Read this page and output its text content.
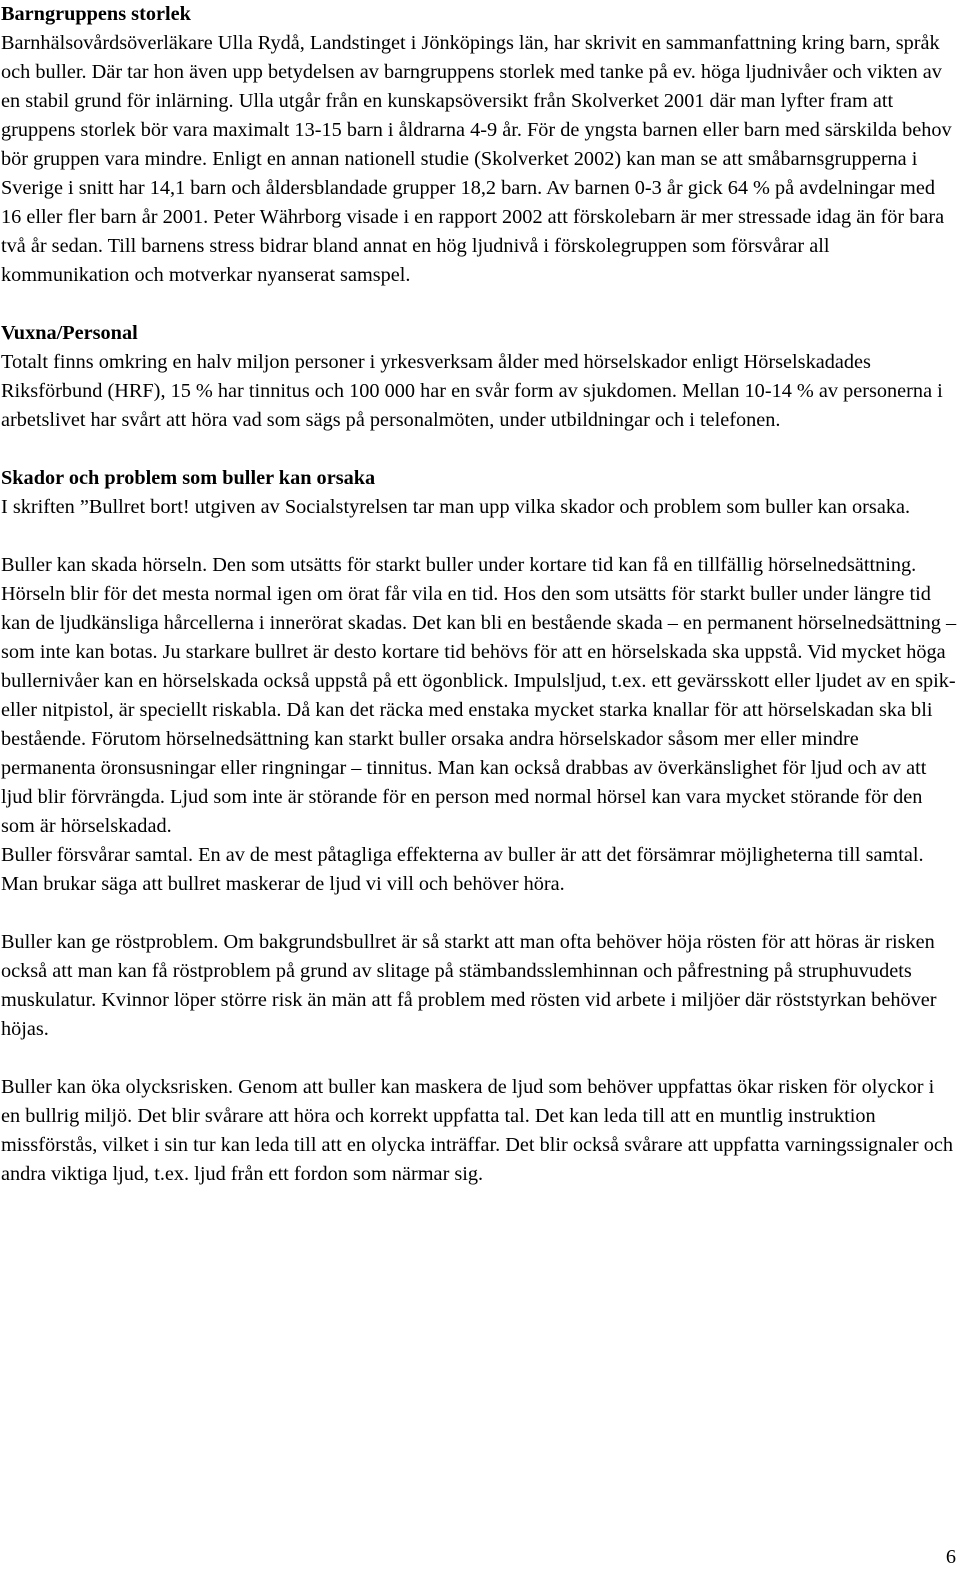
Barngruppens storlek

Barnhälsovårdsöverläkare Ulla Rydå, Landstinget i Jönköpings län, har skrivit en sammanfattning kring barn, språk och buller. Där tar hon även upp betydelsen av barngruppens storlek med tanke på ev. höga ljudnivåer och vikten av en stabil grund för inlärning. Ulla utgår från en kunskapsöversikt från Skolverket 2001 där man lyfter fram att gruppens storlek bör vara maximalt 13-15 barn i åldrarna 4-9 år. För de yngsta barnen eller barn med särskilda behov bör gruppen vara mindre. Enligt en annan nationell studie (Skolverket 2002) kan man se att småbarnsgrupperna i Sverige i snitt har 14,1 barn och åldersblandade grupper 18,2 barn. Av barnen 0-3 år gick 64 % på avdelningar med 16 eller fler barn år 2001. Peter Währborg visade i en rapport 2002 att förskolebarn är mer stressade idag än för bara två år sedan. Till barnens stress bidrar bland annat en hög ljudnivå i förskolegruppen som försvårar all kommunikation och motverkar nyanserat samspel.

Vuxna/Personal

Totalt finns omkring en halv miljon personer i yrkesverksam ålder med hörselskador enligt Hörselskadades Riksförbund (HRF), 15 % har tinnitus och 100 000 har en svår form av sjukdomen. Mellan 10-14 % av personerna i arbetslivet har svårt att höra vad som sägs på personalmöten, under utbildningar och i telefonen.

Skador och problem som buller kan orsaka

I skriften ”Bullret bort! utgiven av Socialstyrelsen tar man upp vilka skador och problem som buller kan orsaka.

Buller kan skada hörseln. Den som utsätts för starkt buller under kortare tid kan få en tillfällig hörselnedsättning. Hörseln blir för det mesta normal igen om örat får vila en tid. Hos den som utsätts för starkt buller under längre tid kan de ljudkänsliga hårcellerna i innerörat skadas. Det kan bli en bestående skada – en permanent hörselnedsättning – som inte kan botas. Ju starkare bullret är desto kortare tid behövs för att en hörselskada ska uppstå. Vid mycket höga bullernivåer kan en hörselskada också uppstå på ett ögonblick. Impulsljud, t.ex. ett gevärsskott eller ljudet av en spik- eller nitpistol, är speciellt riskabla. Då kan det räcka med enstaka mycket starka knallar för att hörselskadan ska bli bestående. Förutom hörselnedsättning kan starkt buller orsaka andra hörselskador såsom mer eller mindre permanenta öronsusningar eller ringningar – tinnitus. Man kan också drabbas av överkänslighet för ljud och av att ljud blir förvrängda. Ljud som inte är störande för en person med normal hörsel kan vara mycket störande för den som är hörselskadad.

Buller försvårar samtal. En av de mest påtagliga effekterna av buller är att det försämrar möjligheterna till samtal. Man brukar säga att bullret maskerar de ljud vi vill och behöver höra.

Buller kan ge röstproblem. Om bakgrundsbullret är så starkt att man ofta behöver höja rösten för att höras är risken också att man kan få röstproblem på grund av slitage på stämbandsslemhinnan och påfrestning på struphuvudets muskulatur. Kvinnor löper större risk än män att få problem med rösten vid arbete i miljöer där röststyrkan behöver höjas.

Buller kan öka olycksrisken. Genom att buller kan maskera de ljud som behöver uppfattas ökar risken för olyckor i en bullrig miljö. Det blir svårare att höra och korrekt uppfatta tal. Det kan leda till att en muntlig instruktion missförstås, vilket i sin tur kan leda till att en olycka inträffar. Det blir också svårare att uppfatta varningssignaler och andra viktiga ljud, t.ex. ljud från ett fordon som närmar sig.

6
